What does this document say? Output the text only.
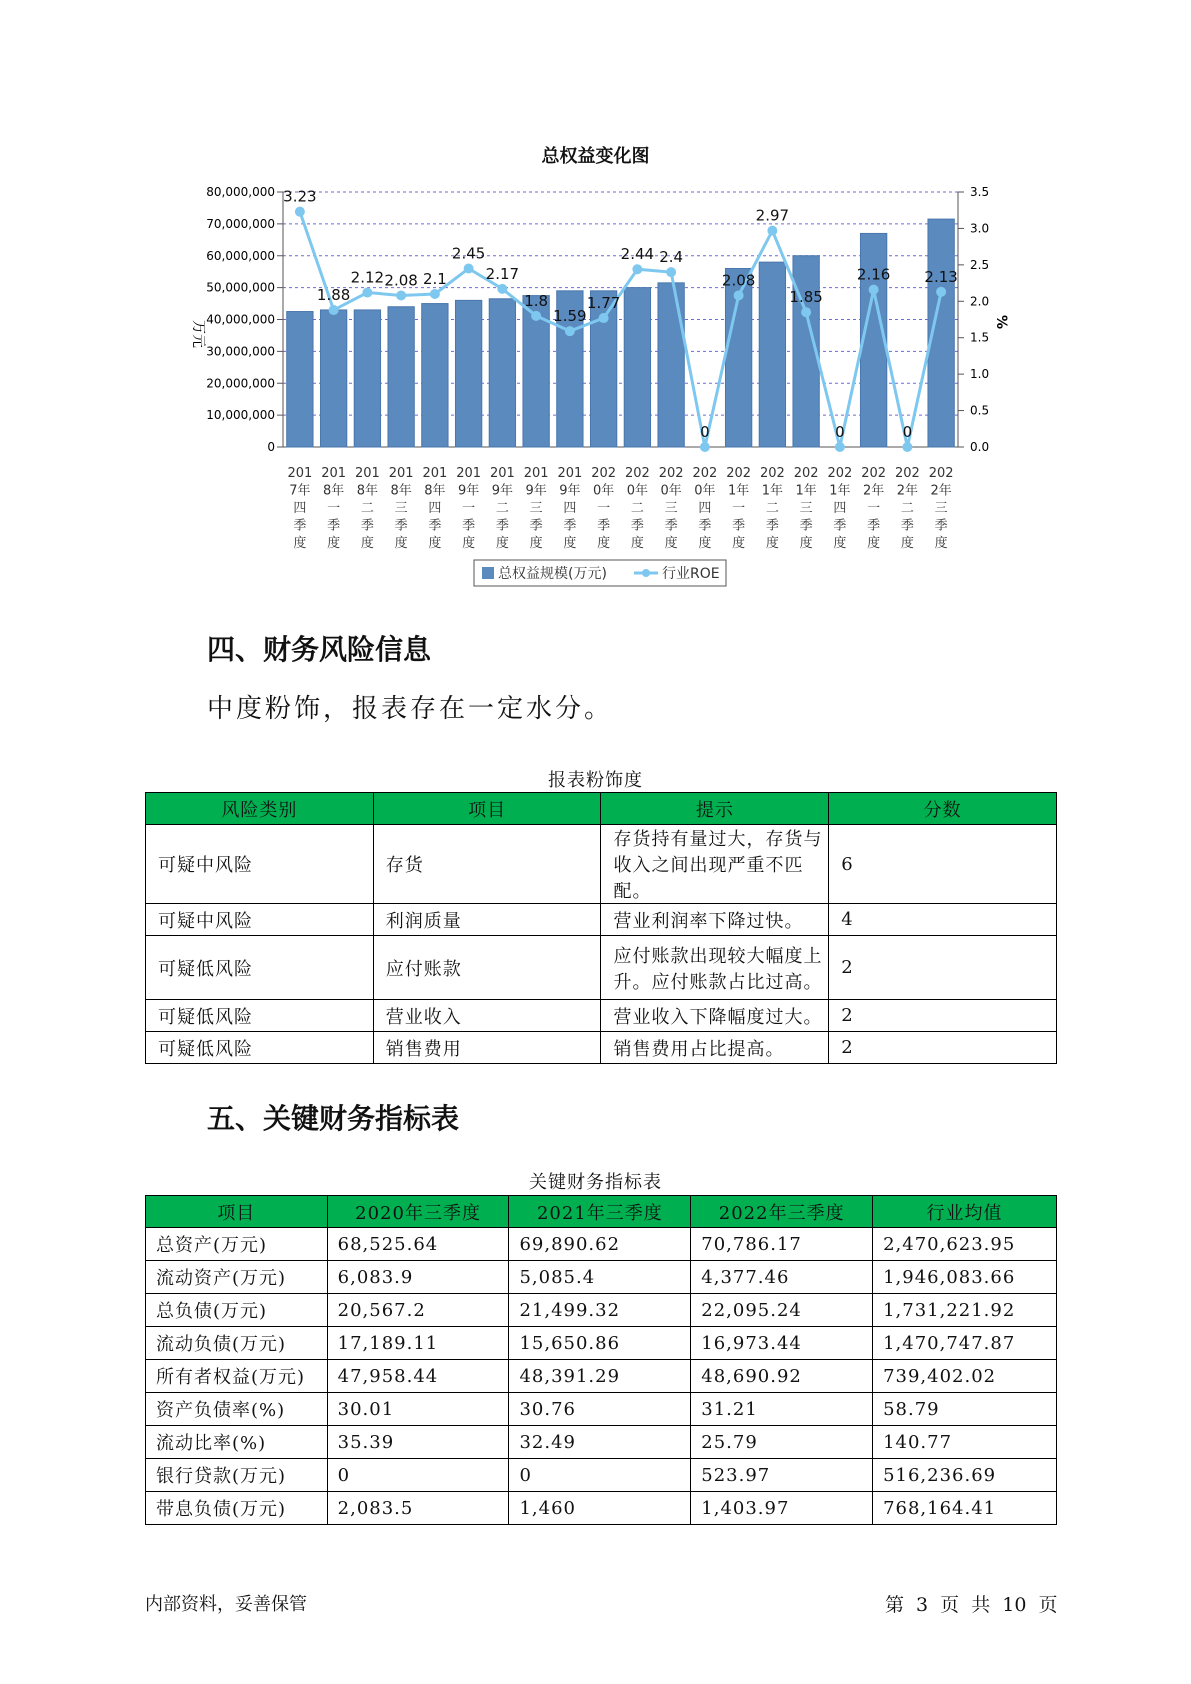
总权益变化图
0
10,000,000
20,000,000
30,000,000
40,000,000
50,000,000
60,000,000
70,000,000
80,000,000
0.0
0.5
1.0
1.5
2.0
2.5
3.0
3.5
万元	%
201
7年
四
季
度
201
8年
一
季
度
201
8年
二
季
度
201
8年
三
季
度
201
8年
四
季
度
201
9年
一
季
度
201
9年
二
季
度
201
9年
三
季
度
201
9年
四
季
度
202
0年
一
季
度
202
0年
二
季
度
202
0年
三
季
度
202
0年
四
季
度
202
1年
一
季
度
202
1年
二
季
度
202
1年
三
季
度
202
1年
四
季
度
202
2年
一
季
度
202
2年
二
季
度
202
2年
三
季
度
3.23
1.88
2.12 2.08 2.1
2.45
2.17
1.8
1.59
1.77
2.44 2.4
0
2.08
2.97
1.85
0
2.16
0
2.13
总权益规模(万元)	行业ROE
四、财务风险信息
中度粉饰，报表存在一定水分。
报表粉饰度
风险类别	项目	提示	分数
可疑中风险	存货	存货持有量过大，存货与收入之间出现严重不匹配。	6
可疑中风险	利润质量	营业利润率下降过快。	4
可疑低风险	应付账款	应付账款出现较大幅度上升。应付账款占比过高。	2
可疑低风险	营业收入	营业收入下降幅度过大。	2
可疑低风险	销售费用	销售费用占比提高。	2
五、关键财务指标表
关键财务指标表
项目	2020年三季度	2021年三季度	2022年三季度	行业均值
总资产(万元)	68,525.64	69,890.62	70,786.17	2,470,623.95
流动资产(万元)	6,083.9	5,085.4	4,377.46	1,946,083.66
总负债(万元)	20,567.2	21,499.32	22,095.24	1,731,221.92
流动负债(万元)	17,189.11	15,650.86	16,973.44	1,470,747.87
所有者权益(万元)	47,958.44	48,391.29	48,690.92	739,402.02
资产负债率(%)	30.01	30.76	31.21	58.79
流动比率(%)	35.39	32.49	25.79	140.77
银行贷款(万元)	0	0	523.97	516,236.69
带息负债(万元)	2,083.5	1,460	1,403.97	768,164.41
内部资料，妥善保管	第 3 页 共 10 页
